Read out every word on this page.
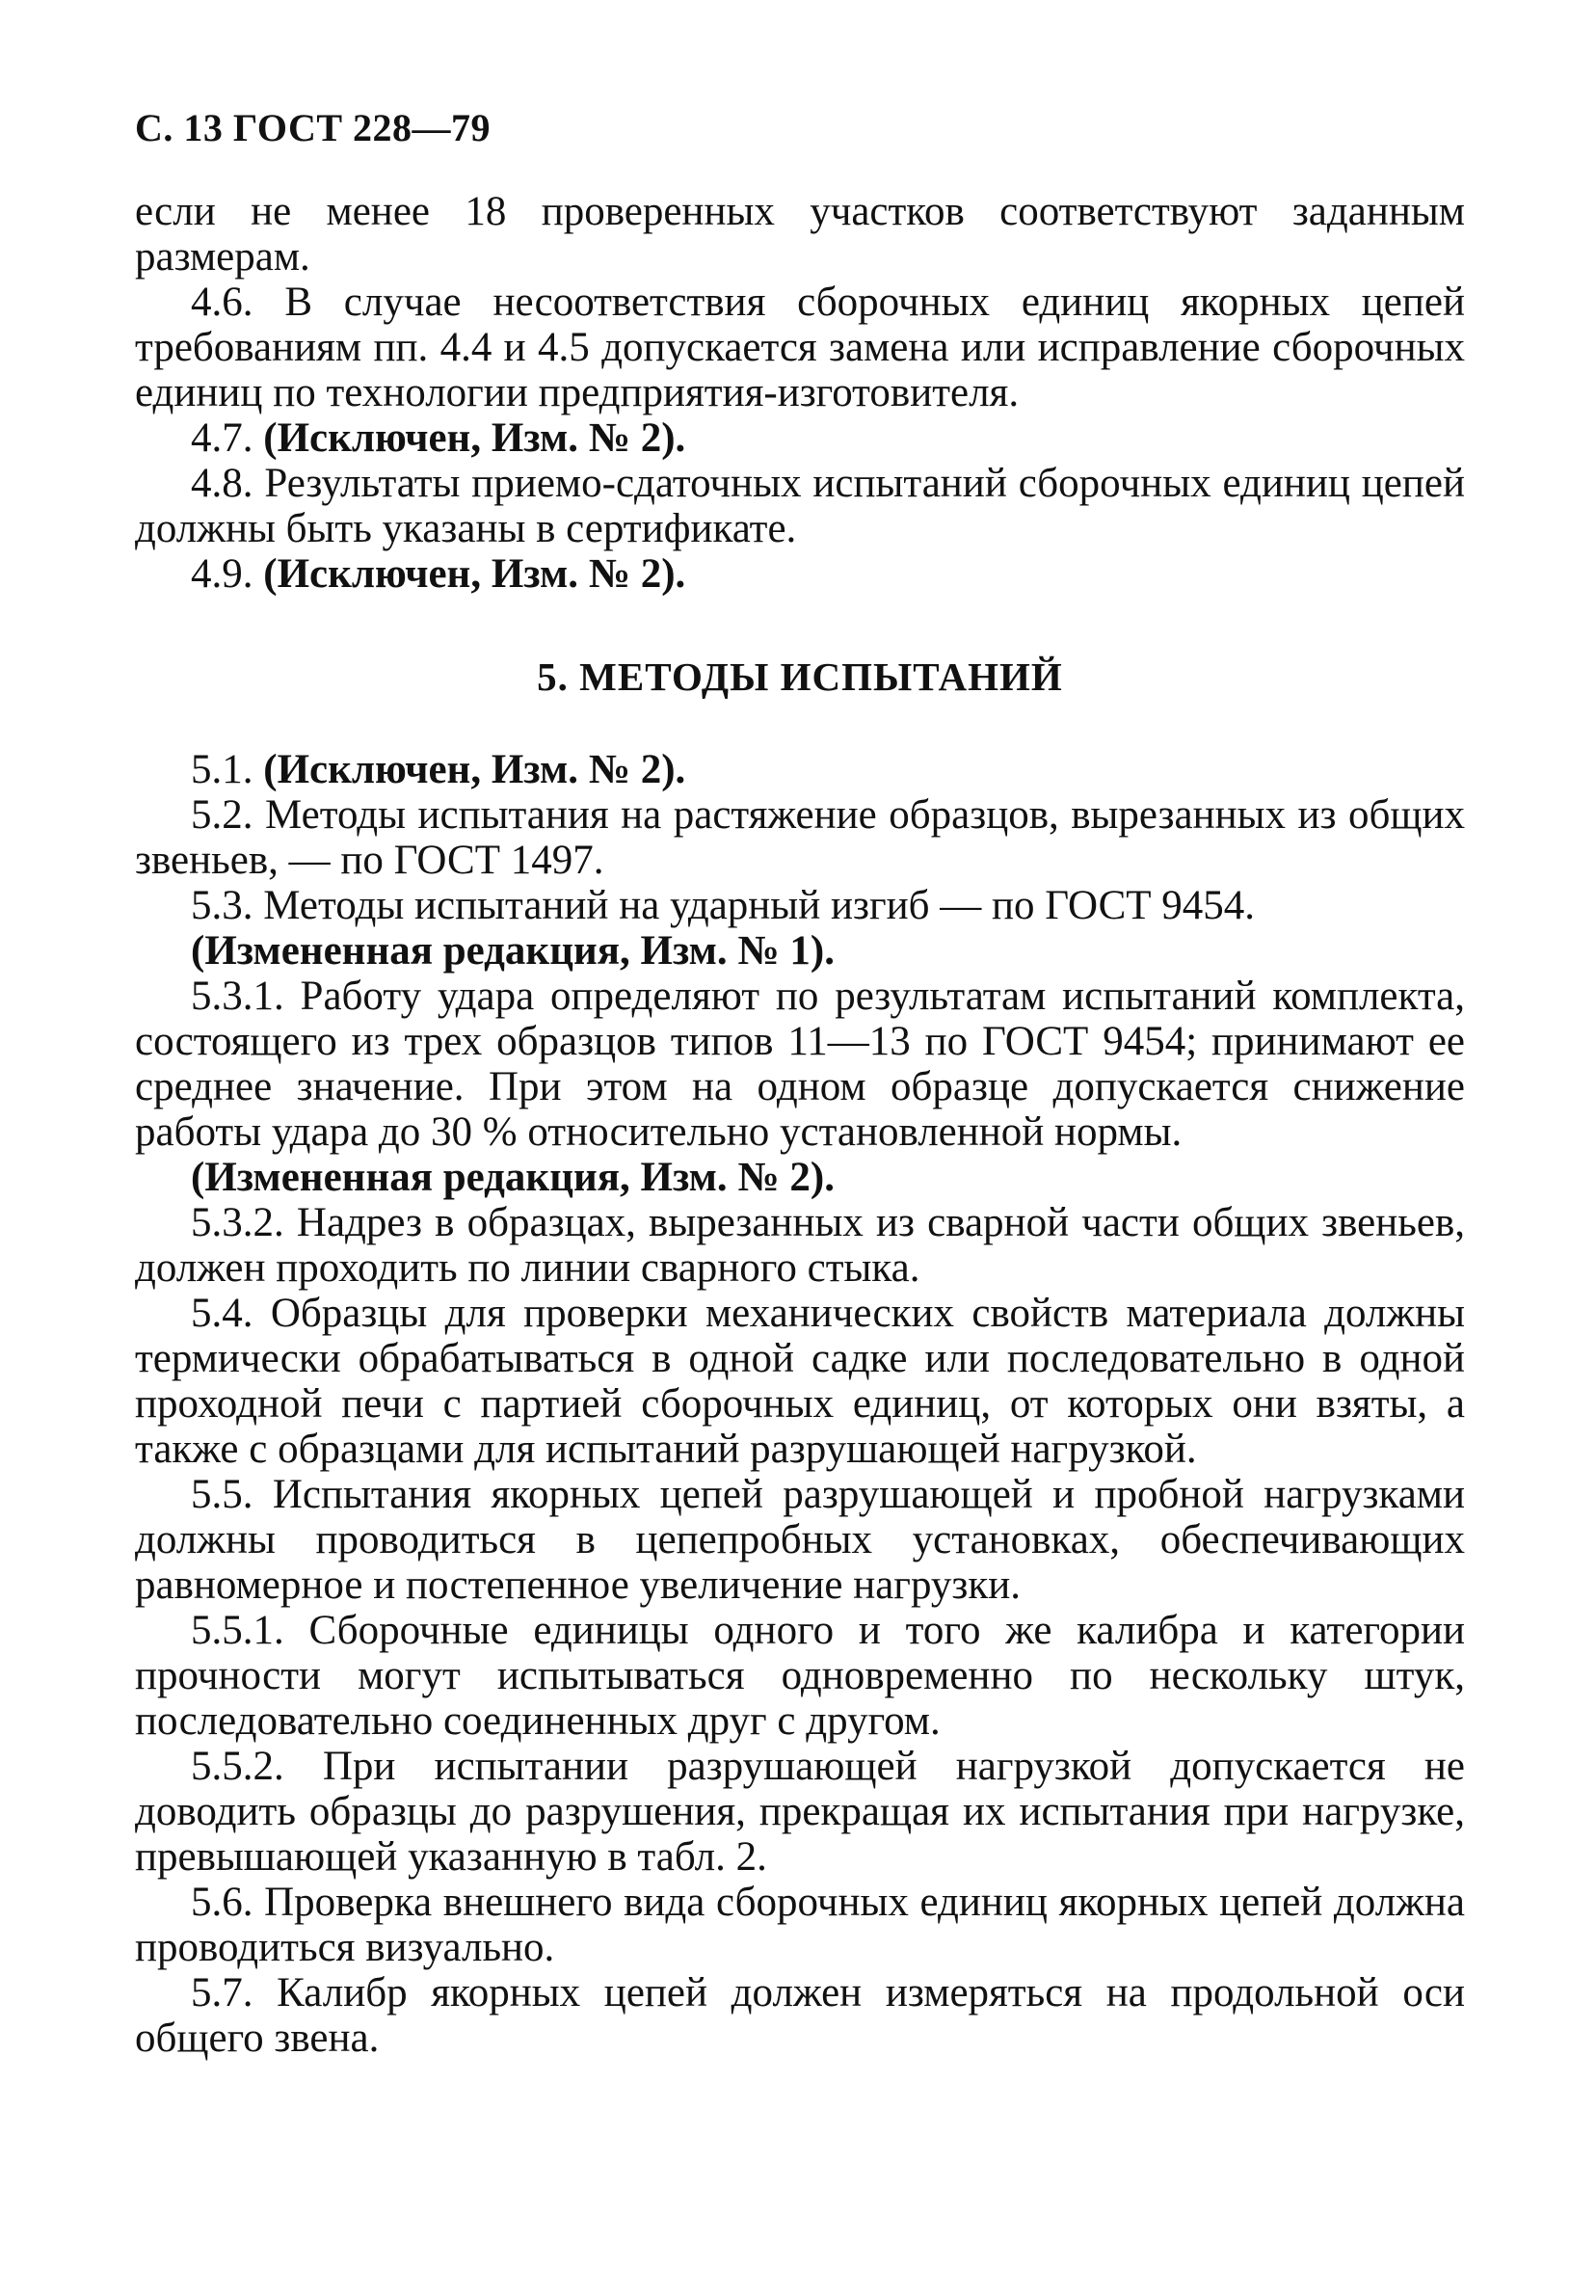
С. 13 ГОСТ 228—79

если не менее 18 проверенных участков соответствуют заданным размерам.

4.6. В случае несоответствия сборочных единиц якорных цепей требованиям пп. 4.4 и 4.5 допускается замена или исправление сборочных единиц по технологии предприятия-изготовителя.

4.7. (Исключен, Изм. № 2).

4.8. Результаты приемо-сдаточных испытаний сборочных единиц цепей должны быть указаны в сертификате.

4.9. (Исключен, Изм. № 2).

5. МЕТОДЫ ИСПЫТАНИЙ

5.1. (Исключен, Изм. № 2).

5.2. Методы испытания на растяжение образцов, вырезанных из общих звеньев, — по ГОСТ 1497.

5.3. Методы испытаний на ударный изгиб — по ГОСТ 9454.

(Измененная редакция, Изм. № 1).

5.3.1. Работу удара определяют по результатам испытаний комплекта, состоящего из трех образцов типов 11—13 по ГОСТ 9454; принимают ее среднее значение. При этом на одном образце допускается снижение работы удара до 30 % относительно установленной нормы.

(Измененная редакция, Изм. № 2).

5.3.2. Надрез в образцах, вырезанных из сварной части общих звеньев, должен проходить по линии сварного стыка.

5.4. Образцы для проверки механических свойств материала должны термически обрабатываться в одной садке или последовательно в одной проходной печи с партией сборочных единиц, от которых они взяты, а также с образцами для испытаний разрушающей нагрузкой.

5.5. Испытания якорных цепей разрушающей и пробной нагрузками должны проводиться в цепепробных установках, обеспечивающих равномерное и постепенное увеличение нагрузки.

5.5.1. Сборочные единицы одного и того же калибра и категории прочности могут испытываться одновременно по нескольку штук, последовательно соединенных друг с другом.

5.5.2. При испытании разрушающей нагрузкой допускается не доводить образцы до разрушения, прекращая их испытания при нагрузке, превышающей указанную в табл. 2.

5.6. Проверка внешнего вида сборочных единиц якорных цепей должна проводиться визуально.

5.7. Калибр якорных цепей должен измеряться на продольной оси общего звена.
